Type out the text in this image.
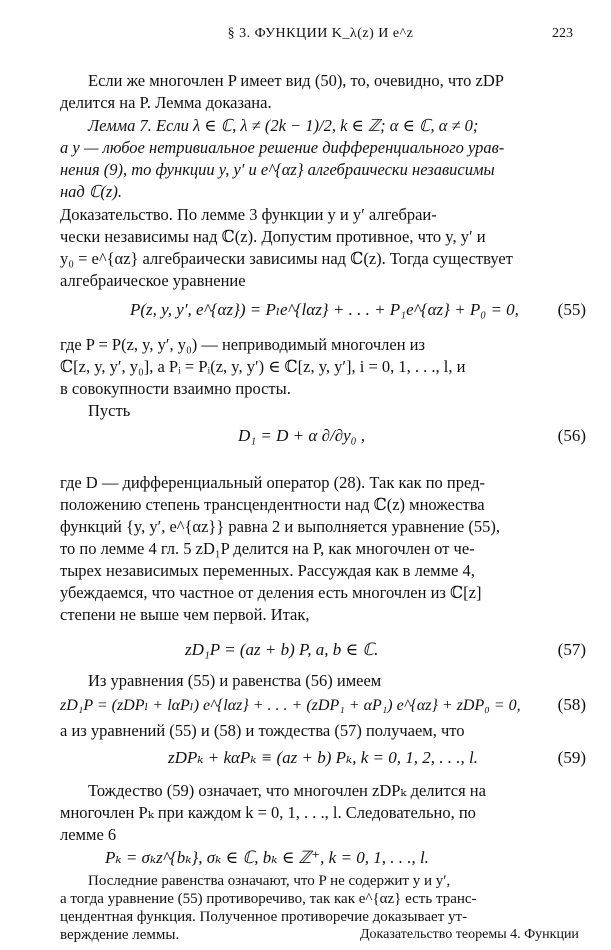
§ 3. ФУНКЦИИ K_λ(z) И e^z	223
Если же многочлен P имеет вид (50), то, очевидно, что zDP
делится на P. Лемма доказана.
Лемма 7. Если λ ∈ ℂ, λ ≠ (2k − 1)/2, k ∈ ℤ; α ∈ ℂ, α ≠ 0;
a y — любое нетривиальное решение дифференциального урав-
нения (9), то функции y, y′ и e^{αz} алгебраически независимы
над ℂ(z).
Доказательство. По лемме 3 функции y и y′ алгебраи-
чески независимы над ℂ(z). Допустим противное, что y, y′ и
y₀ = e^{αz} алгебраически зависимы над ℂ(z). Тогда существует
алгебраическое уравнение
P(z, y, y′, e^{αz}) = Pₗe^{lαz} + . . . + P₁e^{αz} + P₀ = 0, (55)
где P = P(z, y, y′, y₀) — неприводимый многочлен из
ℂ[z, y, y′, y₀], а Pᵢ = Pᵢ(z, y, y′) ∈ ℂ[z, y, y′], i = 0, 1, . . ., l, и
в совокупности взаимно просты.
Пусть
D₁ = D + α ∂/∂y₀ ,	(56)
где D — дифференциальный оператор (28). Так как по пред-
положению степень трансцендентности над ℂ(z) множества
функций {y, y′, e^{αz}} равна 2 и выполняется уравнение (55),
то по лемме 4 гл. 5 zD₁P делится на P, как многочлен от че-
тырех независимых переменных. Рассуждая как в лемме 4,
убеждаемся, что частное от деления есть многочлен из ℂ[z]
степени не выше чем первой. Итак,
zD₁P = (az + b) P, a, b ∈ ℂ.	(57)
Из уравнения (55) и равенства (56) имеем
zD₁P = (zDPₗ + lαPₗ) e^{lαz} + . . . + (zDP₁ + αP₁) e^{αz} + zDP₀ = 0, (58)
а из уравнений (55) и (58) и тождества (57) получаем, что
zDPₖ + kαPₖ ≡ (az + b) Pₖ, k = 0, 1, 2, . . ., l.	(59)
Тождество (59) означает, что многочлен zDPₖ делится на
многочлен Pₖ при каждом k = 0, 1, . . ., l. Следовательно, по
лемме 6
Pₖ = σₖz^{bₖ}, σₖ ∈ ℂ, bₖ ∈ ℤ⁺, k = 0, 1, . . ., l.
Последние равенства означают, что P не содержит y и y′,
а тогда уравнение (55) противоречиво, так как e^{αz} есть транс-
цендентная функция. Полученное противоречие доказывает ут-
верждение леммы.	Доказательство теоремы 4. Функции
